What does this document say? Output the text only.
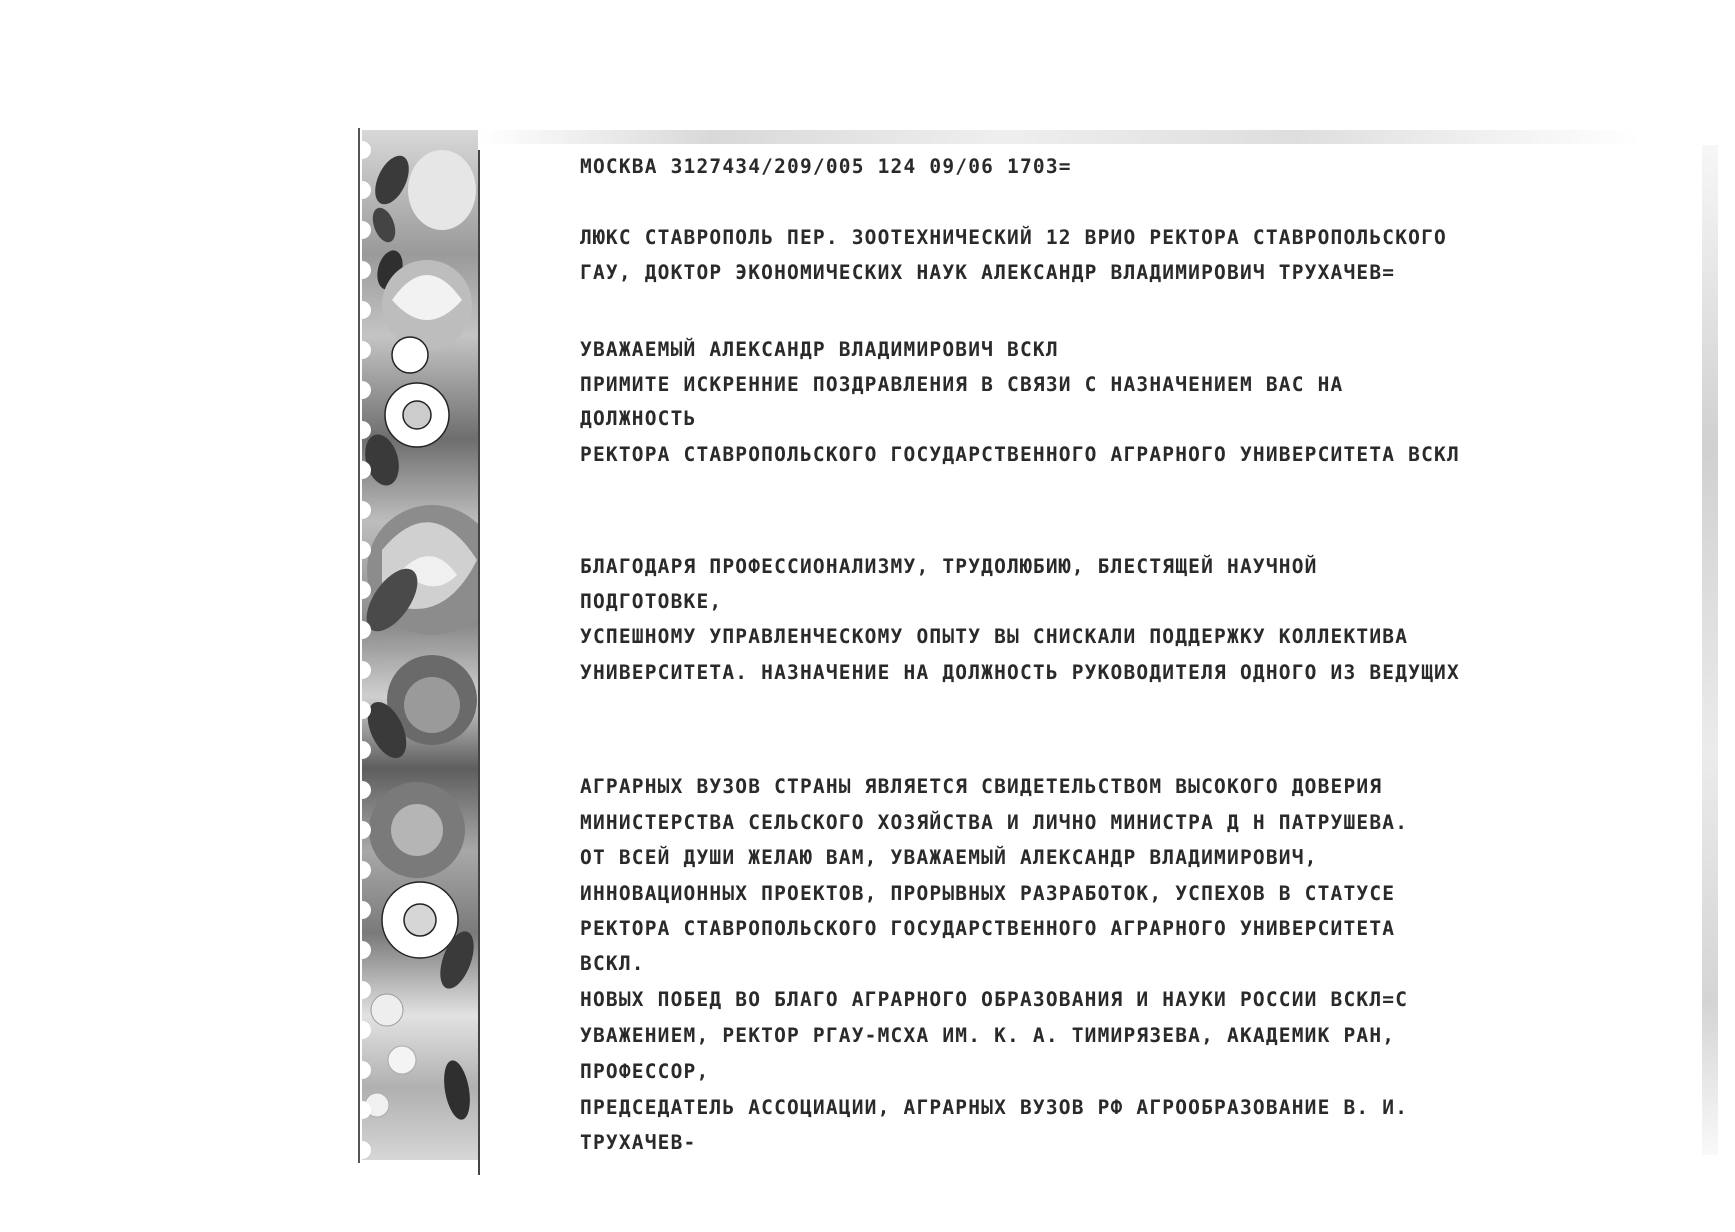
МОСКВА 3127434/209/005 124 09/06 1703=
ЛЮКС СТАВРОПОЛЬ ПЕР. ЗООТЕХНИЧЕСКИЙ 12 ВРИО РЕКТОРА СТАВРОПОЛЬСКОГО
ГАУ, ДОКТОР ЭКОНОМИЧЕСКИХ НАУК АЛЕКСАНДР ВЛАДИМИРОВИЧ ТРУХАЧЕВ=
УВАЖАЕМЫЙ АЛЕКСАНДР ВЛАДИМИРОВИЧ ВСКЛ
ПРИМИТЕ ИСКРЕННИЕ ПОЗДРАВЛЕНИЯ В СВЯЗИ С НАЗНАЧЕНИЕМ ВАС НА
ДОЛЖНОСТЬ
РЕКТОРА СТАВРОПОЛЬСКОГО ГОСУДАРСТВЕННОГО АГРАРНОГО УНИВЕРСИТЕТА ВСКЛ
БЛАГОДАРЯ ПРОФЕССИОНАЛИЗМУ, ТРУДОЛЮБИЮ, БЛЕСТЯЩЕЙ НАУЧНОЙ
ПОДГОТОВКЕ,
УСПЕШНОМУ УПРАВЛЕНЧЕСКОМУ ОПЫТУ ВЫ СНИСКАЛИ ПОДДЕРЖКУ КОЛЛЕКТИВА
УНИВЕРСИТЕТА. НАЗНАЧЕНИЕ НА ДОЛЖНОСТЬ РУКОВОДИТЕЛЯ ОДНОГО ИЗ ВЕДУЩИХ
АГРАРНЫХ ВУЗОВ СТРАНЫ ЯВЛЯЕТСЯ СВИДЕТЕЛЬСТВОМ ВЫСОКОГО ДОВЕРИЯ
МИНИСТЕРСТВА СЕЛЬСКОГО ХОЗЯЙСТВА И ЛИЧНО МИНИСТРА Д Н ПАТРУШЕВА.
ОТ ВСЕЙ ДУШИ ЖЕЛАЮ ВАМ, УВАЖАЕМЫЙ АЛЕКСАНДР ВЛАДИМИРОВИЧ,
ИННОВАЦИОННЫХ ПРОЕКТОВ, ПРОРЫВНЫХ РАЗРАБОТОК, УСПЕХОВ В СТАТУСЕ
РЕКТОРА СТАВРОПОЛЬСКОГО ГОСУДАРСТВЕННОГО АГРАРНОГО УНИВЕРСИТЕТА
ВСКЛ.
НОВЫХ ПОБЕД ВО БЛАГО АГРАРНОГО ОБРАЗОВАНИЯ И НАУКИ РОССИИ ВСКЛ=С
УВАЖЕНИЕМ, РЕКТОР РГАУ-МСХА ИМ. К. А. ТИМИРЯЗЕВА, АКАДЕМИК РАН,
ПРОФЕССОР,
ПРЕДСЕДАТЕЛЬ АССОЦИАЦИИ, АГРАРНЫХ ВУЗОВ РФ АГРООБРАЗОВАНИЕ В. И.
ТРУХАЧЕВ-
